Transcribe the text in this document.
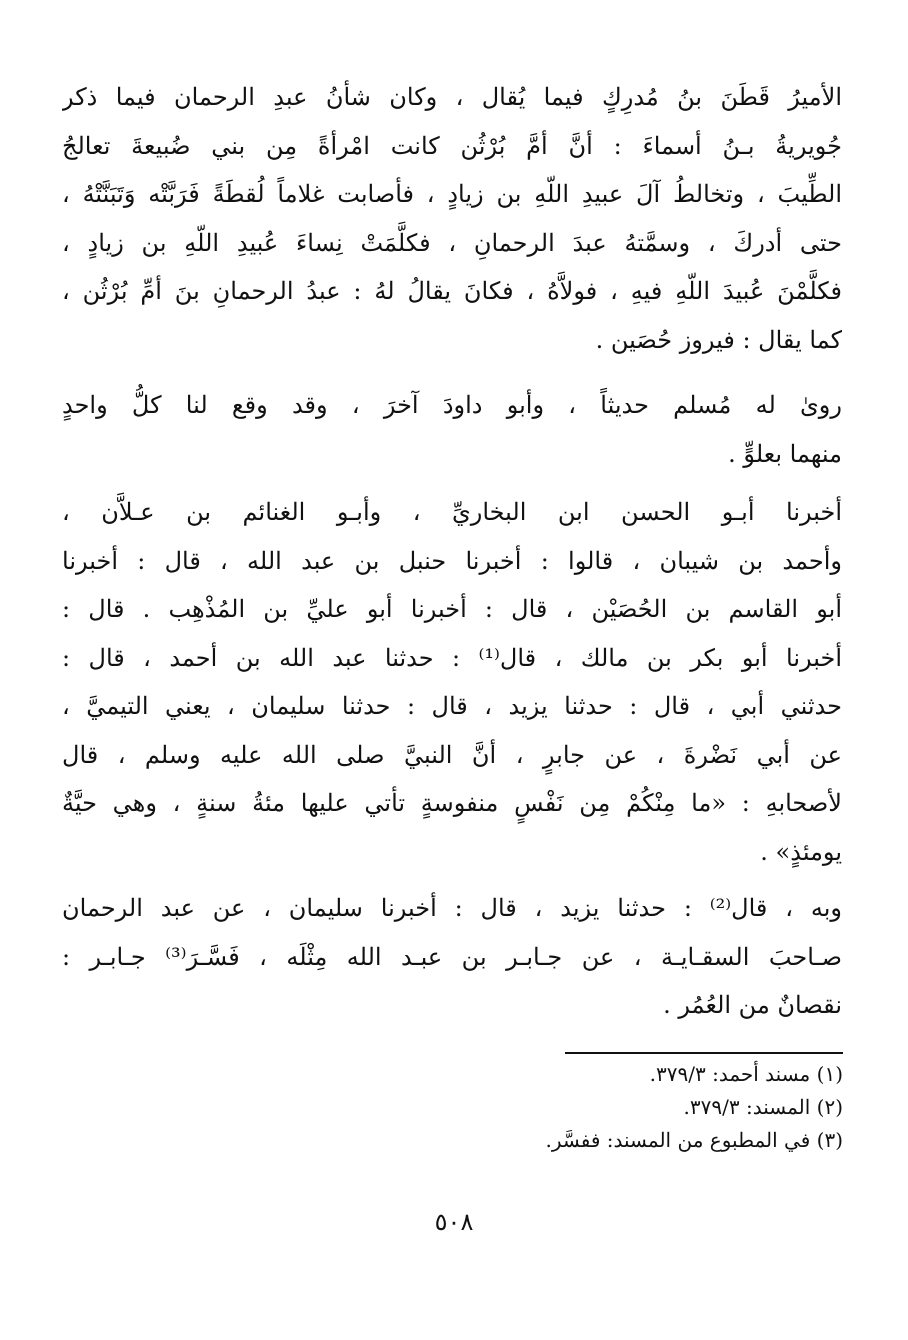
الأميرُ قَطَنَ بنُ مُدرِكٍ فيما يُقال ، وكان شأنُ عبدِ الرحمان فيما ذكر
جُويريةُ بـنُ أسماءَ : أنَّ أمَّ بُرْثُن كانت امْرأةً مِن بني ضُبيعةَ تعالجُ
الطِّيبَ ، وتخالطُ آلَ عبيدِ اللّهِ بن زيادٍ ، فأصابت غلاماً لُقطَةً فَرَبَّتْه وَتَبَنَّتْهُ ،
حتى أدركَ ، وسمَّتهُ عبدَ الرحمانِ ، فكلَّمَتْ نِساءَ عُبيدِ اللّهِ بن زيادٍ ،
فكلَّمْنَ عُبيدَ اللّهِ فيهِ ، فولاَّهُ ، فكانَ يقالُ لهُ : عبدُ الرحمانِ بنَ أمِّ بُرْثُن ،
كما يقال : فيروز حُصَين .
روىٰ له مُسلم حديثاً ، وأبو داودَ آخرَ ، وقد وقع لنا كلُّ واحدٍ
منهما بعلوٍّ .
أخبرنا أبـو الحسن ابن البخاريِّ ، وأبـو الغنائم بن عـلاَّن ،
وأحمد بن شيبان ، قالوا : أخبرنا حنبل بن عبد الله ، قال : أخبرنا
أبو القاسم بن الحُصَيْن ، قال : أخبرنا أبو عليِّ بن المُذْهِب . قال :
أخبرنا أبو بكر بن مالك ، قال⁽¹⁾ : حدثنا عبد الله بن أحمد ، قال :
حدثني أبي ، قال : حدثنا يزيد ، قال : حدثنا سليمان ، يعني التيميَّ ،
عن أبي نَضْرةَ ، عن جابرٍ ، أنَّ النبيَّ صلى الله عليه وسلم ، قال
لأصحابهِ : «ما مِنْكُمْ مِن نَفْسٍ منفوسةٍ تأتي عليها مئةُ سنةٍ ، وهي حيَّةٌ
يومئذٍ» .
وبه ، قال⁽²⁾ : حدثنا يزيد ، قال : أخبرنا سليمان ، عن عبد الرحمان
صـاحبَ السقـايـة ، عن جـابـر بن عبـد الله مِثْلَه ، فَسَّـرَ⁽³⁾ جـابـر :
نقصانٌ من العُمُر .
(١) مسند أحمد: ٣٧٩/٣.
(٢) المسند: ٣٧٩/٣.
(٣) في المطبوع من المسند: ففسَّر.
٥٠٨
